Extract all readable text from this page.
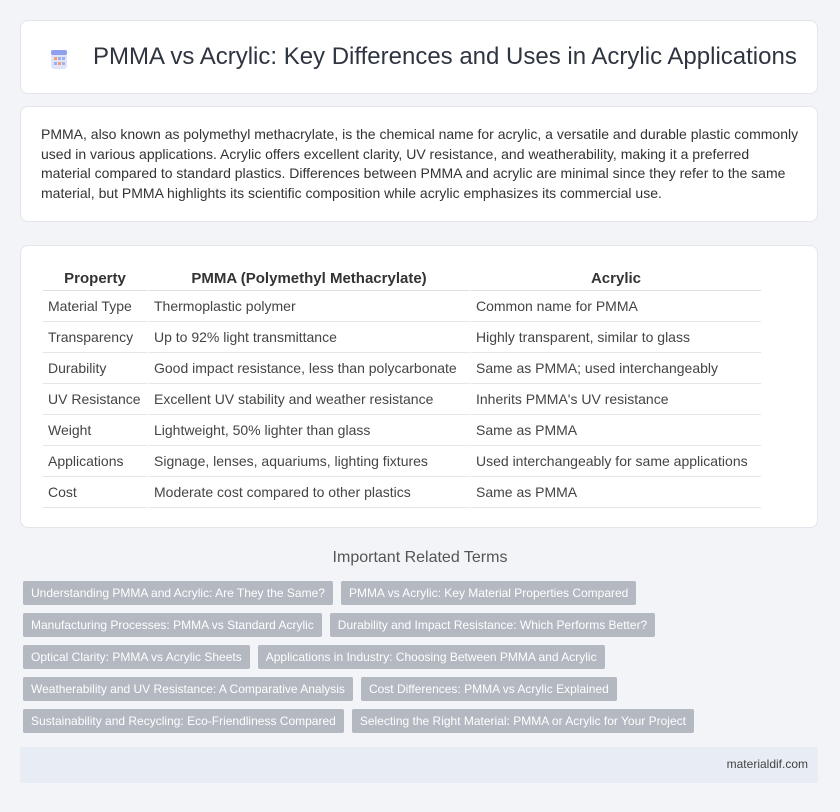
PMMA vs Acrylic: Key Differences and Uses in Acrylic Applications

PMMA, also known as polymethyl methacrylate, is the chemical name for acrylic, a versatile and durable plastic commonly used in various applications. Acrylic offers excellent clarity, UV resistance, and weatherability, making it a preferred material compared to standard plastics. Differences between PMMA and acrylic are minimal since they refer to the same material, but PMMA highlights its scientific composition while acrylic emphasizes its commercial use.

Property	PMMA (Polymethyl Methacrylate)	Acrylic
Material Type	Thermoplastic polymer	Common name for PMMA
Transparency	Up to 92% light transmittance	Highly transparent, similar to glass
Durability	Good impact resistance, less than polycarbonate	Same as PMMA; used interchangeably
UV Resistance	Excellent UV stability and weather resistance	Inherits PMMA's UV resistance
Weight	Lightweight, 50% lighter than glass	Same as PMMA
Applications	Signage, lenses, aquariums, lighting fixtures	Used interchangeably for same applications
Cost	Moderate cost compared to other plastics	Same as PMMA
Important Related Terms
Understanding PMMA and Acrylic: Are They the Same?	PMMA vs Acrylic: Key Material Properties Compared
Manufacturing Processes: PMMA vs Standard Acrylic	Durability and Impact Resistance: Which Performs Better?
Optical Clarity: PMMA vs Acrylic Sheets	Applications in Industry: Choosing Between PMMA and Acrylic
Weatherability and UV Resistance: A Comparative Analysis	Cost Differences: PMMA vs Acrylic Explained
Sustainability and Recycling: Eco-Friendliness Compared	Selecting the Right Material: PMMA or Acrylic for Your Project
materialdif.com
